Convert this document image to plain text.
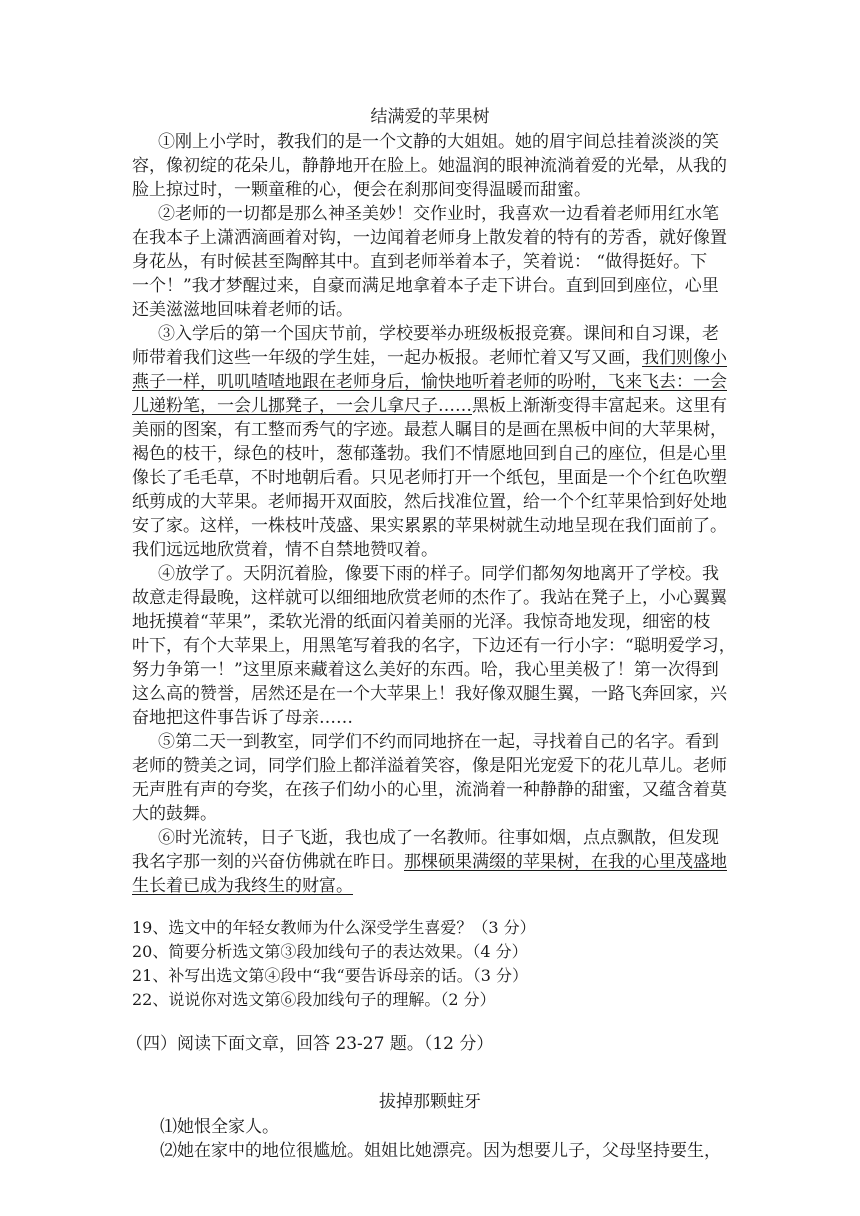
结满爱的苹果树
①刚上小学时，教我们的是一个文静的大姐姐。她的眉宇间总挂着淡淡的笑
容，像初绽的花朵儿，静静地开在脸上。她温润的眼神流淌着爱的光晕，从我的
脸上掠过时，一颗童稚的心，便会在刹那间变得温暖而甜蜜。
②老师的一切都是那么神圣美妙！交作业时，我喜欢一边看着老师用红水笔
在我本子上潇洒滴画着对钩，一边闻着老师身上散发着的特有的芳香，就好像置
身花丛，有时候甚至陶醉其中。直到老师举着本子，笑着说： “做得挺好。下
一个！”我才梦醒过来，自豪而满足地拿着本子走下讲台。直到回到座位，心里
还美滋滋地回味着老师的话。
③入学后的第一个国庆节前，学校要举办班级板报竞赛。课间和自习课，老
师带着我们这些一年级的学生娃，一起办板报。老师忙着又写又画，我们则像小
燕子一样，叽叽喳喳地跟在老师身后，愉快地听着老师的吩咐，飞来飞去：一会
儿递粉笔，一会儿挪凳子，一会儿拿尺子……黑板上渐渐变得丰富起来。这里有
美丽的图案，有工整而秀气的字迹。最惹人瞩目的是画在黑板中间的大苹果树，
褐色的枝干，绿色的枝叶，葱郁蓬勃。我们不情愿地回到自己的座位，但是心里
像长了毛毛草，不时地朝后看。只见老师打开一个纸包，里面是一个个红色吹塑
纸剪成的大苹果。老师揭开双面胶，然后找准位置，给一个个红苹果恰到好处地
安了家。这样，一株枝叶茂盛、果实累累的苹果树就生动地呈现在我们面前了。
我们远远地欣赏着，情不自禁地赞叹着。
④放学了。天阴沉着脸，像要下雨的样子。同学们都匆匆地离开了学校。我
故意走得最晚，这样就可以细细地欣赏老师的杰作了。我站在凳子上，小心翼翼
地抚摸着“苹果”，柔软光滑的纸面闪着美丽的光泽。我惊奇地发现，细密的枝
叶下，有个大苹果上，用黑笔写着我的名字，下边还有一行小字：“聪明爱学习，
努力争第一！”这里原来藏着这么美好的东西。哈，我心里美极了！第一次得到
这么高的赞誉，居然还是在一个大苹果上！我好像双腿生翼，一路飞奔回家，兴
奋地把这件事告诉了母亲……
⑤第二天一到教室，同学们不约而同地挤在一起，寻找着自己的名字。看到
老师的赞美之词，同学们脸上都洋溢着笑容，像是阳光宠爱下的花儿草儿。老师
无声胜有声的夸奖，在孩子们幼小的心里，流淌着一种静静的甜蜜，又蕴含着莫
大的鼓舞。
⑥时光流转，日子飞逝，我也成了一名教师。往事如烟，点点飘散，但发现
我名字那一刻的兴奋仿佛就在昨日。那棵硕果满缀的苹果树，在我的心里茂盛地
生长着已成为我终生的财富。
19、选文中的年轻女教师为什么深受学生喜爱？（3 分）
20、简要分析选文第③段加线句子的表达效果。（4 分）
21、补写出选文第④段中“我“要告诉母亲的话。（3 分）
22、说说你对选文第⑥段加线句子的理解。（2 分）
（四）阅读下面文章，回答 23-27 题。（12 分）
拔掉那颗蛀牙
⑴她恨全家人。
⑵她在家中的地位很尴尬。姐姐比她漂亮。因为想要儿子，父母坚持要生，
